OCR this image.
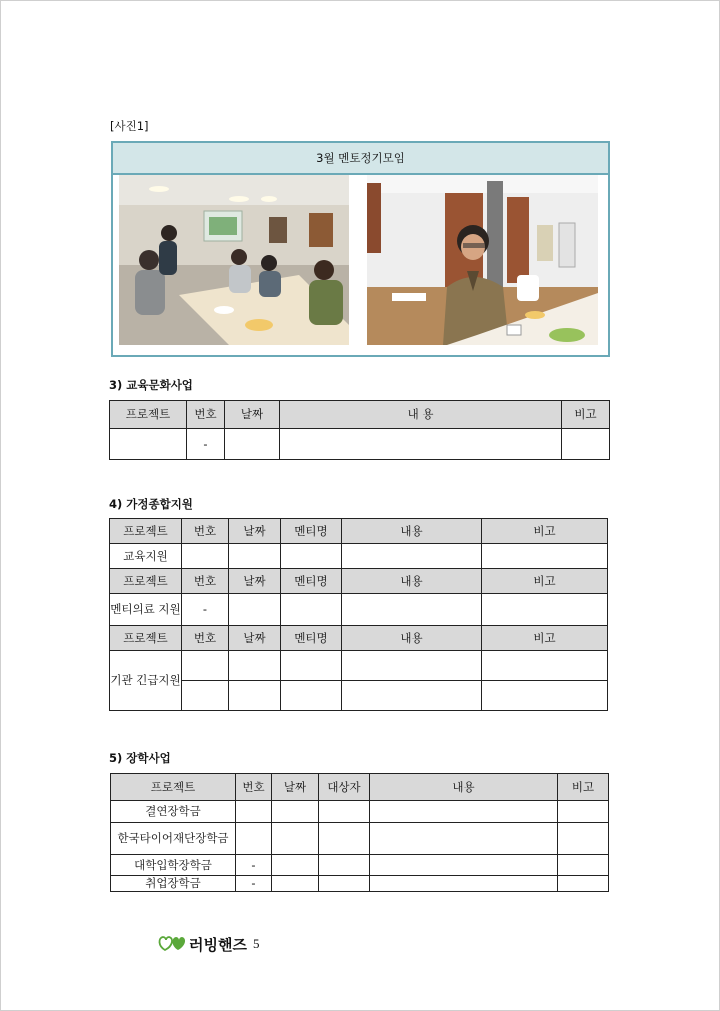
[사진1]
3월 멘토정기모임
3) 교육문화사업
프로젝트	번호	날짜	내 용	비고
	-			
4) 가정종합지원
프로젝트	번호	날짜	멘티명	내용	비고
교육지원					
프로젝트	번호	날짜	멘티명	내용	비고
멘티의료 지원	-				
프로젝트	번호	날짜	멘티명	내용	비고
기관 긴급지원					

5) 장학사업
프로젝트	번호	날짜	대상자	내용	비고
결연장학금					
한국타이어재단장학금					
대학입학장학금	-				
취업장학금	-				
러빙핸즈 5
